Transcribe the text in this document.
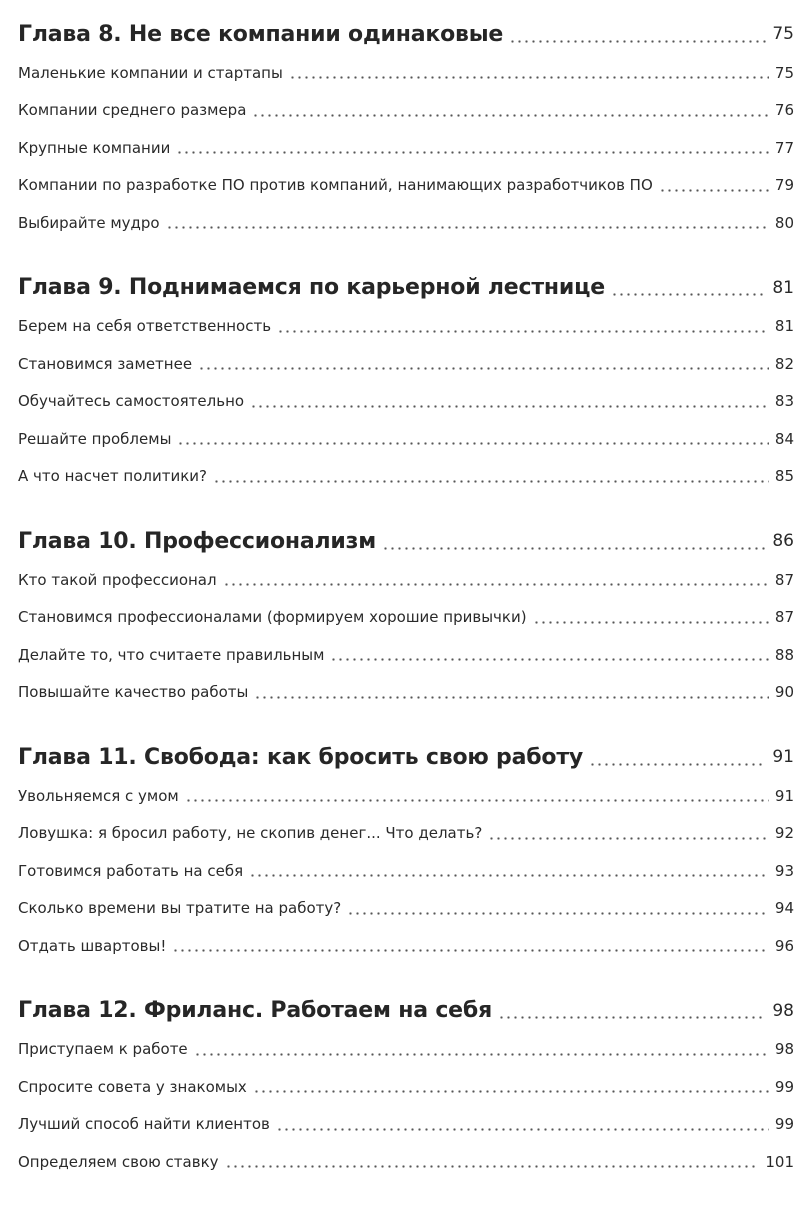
Глава 8. Не все компании одинаковые	75
Маленькие компании и стартапы	75
Компании среднего размера	76
Крупные компании	77
Компании по разработке ПО против компаний, нанимающих разработчиков ПО	79
Выбирайте мудро	80
Глава 9. Поднимаемся по карьерной лестнице	81
Берем на себя ответственность	81
Становимся заметнее	82
Обучайтесь самостоятельно	83
Решайте проблемы	84
А что насчет политики?	85
Глава 10. Профессионализм	86
Кто такой профессионал	87
Становимся профессионалами (формируем хорошие привычки)	87
Делайте то, что считаете правильным	88
Повышайте качество работы	90
Глава 11. Свобода: как бросить свою работу	91
Увольняемся с умом	91
Ловушка: я бросил работу, не скопив денег... Что делать?	92
Готовимся работать на себя	93
Сколько времени вы тратите на работу?	94
Отдать швартовы!	96
Глава 12. Фриланс. Работаем на себя	98
Приступаем к работе	98
Спросите совета у знакомых	99
Лучший способ найти клиентов	99
Определяем свою ставку	101
